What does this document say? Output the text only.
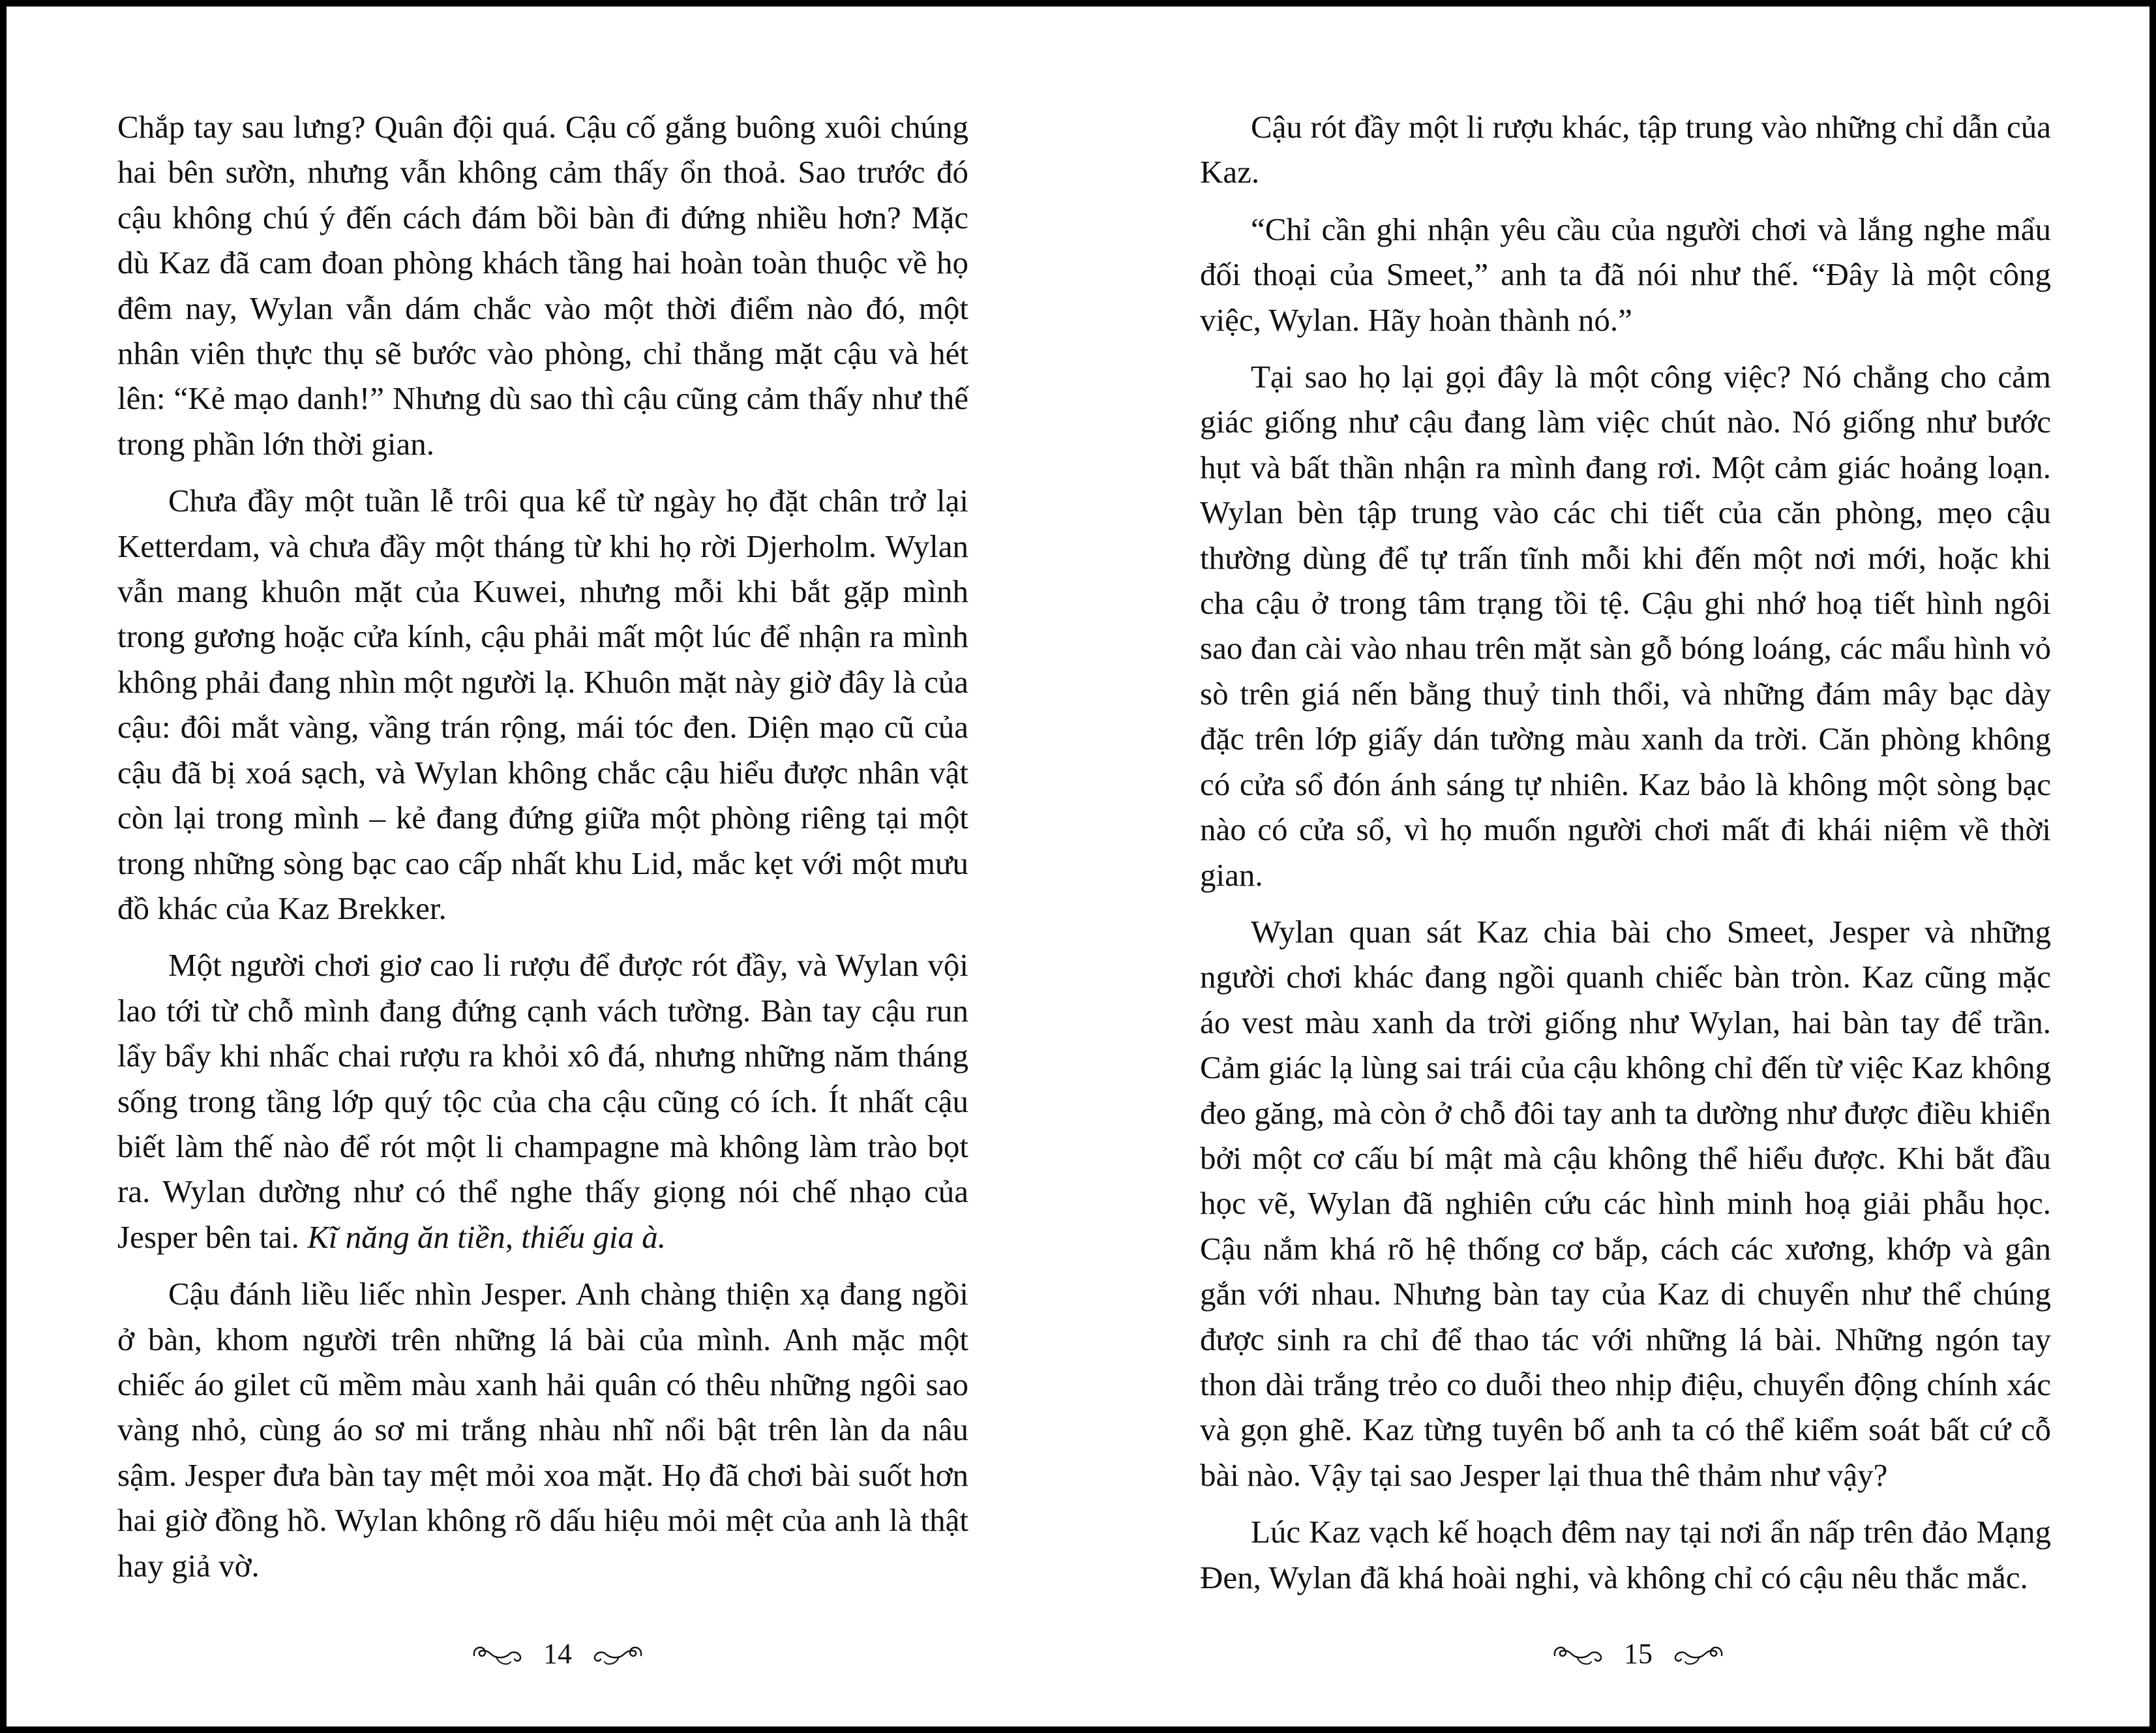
Chắp tay sau lưng? Quân đội quá. Cậu cố gắng buông xuôi chúng hai bên sườn, nhưng vẫn không cảm thấy ổn thoả. Sao trước đó cậu không chú ý đến cách đám bồi bàn đi đứng nhiều hơn? Mặc dù Kaz đã cam đoan phòng khách tầng hai hoàn toàn thuộc về họ đêm nay, Wylan vẫn dám chắc vào một thời điểm nào đó, một nhân viên thực thụ sẽ bước vào phòng, chỉ thẳng mặt cậu và hét lên: “Kẻ mạo danh!” Nhưng dù sao thì cậu cũng cảm thấy như thế trong phần lớn thời gian.

Chưa đầy một tuần lễ trôi qua kể từ ngày họ đặt chân trở lại Ketterdam, và chưa đầy một tháng từ khi họ rời Djerholm. Wylan vẫn mang khuôn mặt của Kuwei, nhưng mỗi khi bắt gặp mình trong gương hoặc cửa kính, cậu phải mất một lúc để nhận ra mình không phải đang nhìn một người lạ. Khuôn mặt này giờ đây là của cậu: đôi mắt vàng, vầng trán rộng, mái tóc đen. Diện mạo cũ của cậu đã bị xoá sạch, và Wylan không chắc cậu hiểu được nhân vật còn lại trong mình – kẻ đang đứng giữa một phòng riêng tại một trong những sòng bạc cao cấp nhất khu Lid, mắc kẹt với một mưu đồ khác của Kaz Brekker.

Một người chơi giơ cao li rượu để được rót đầy, và Wylan vội lao tới từ chỗ mình đang đứng cạnh vách tường. Bàn tay cậu run lẩy bẩy khi nhấc chai rượu ra khỏi xô đá, nhưng những năm tháng sống trong tầng lớp quý tộc của cha cậu cũng có ích. Ít nhất cậu biết làm thế nào để rót một li champagne mà không làm trào bọt ra. Wylan dường như có thể nghe thấy giọng nói chế nhạo của Jesper bên tai. Kĩ năng ăn tiền, thiếu gia à.

Cậu đánh liều liếc nhìn Jesper. Anh chàng thiện xạ đang ngồi ở bàn, khom người trên những lá bài của mình. Anh mặc một chiếc áo gilet cũ mềm màu xanh hải quân có thêu những ngôi sao vàng nhỏ, cùng áo sơ mi trắng nhàu nhĩ nổi bật trên làn da nâu sậm. Jesper đưa bàn tay mệt mỏi xoa mặt. Họ đã chơi bài suốt hơn hai giờ đồng hồ. Wylan không rõ dấu hiệu mỏi mệt của anh là thật hay giả vờ.

14

Cậu rót đầy một li rượu khác, tập trung vào những chỉ dẫn của Kaz.

“Chỉ cần ghi nhận yêu cầu của người chơi và lắng nghe mẩu đối thoại của Smeet,” anh ta đã nói như thế. “Đây là một công việc, Wylan. Hãy hoàn thành nó.”

Tại sao họ lại gọi đây là một công việc? Nó chẳng cho cảm giác giống như cậu đang làm việc chút nào. Nó giống như bước hụt và bất thần nhận ra mình đang rơi. Một cảm giác hoảng loạn. Wylan bèn tập trung vào các chi tiết của căn phòng, mẹo cậu thường dùng để tự trấn tĩnh mỗi khi đến một nơi mới, hoặc khi cha cậu ở trong tâm trạng tồi tệ. Cậu ghi nhớ hoạ tiết hình ngôi sao đan cài vào nhau trên mặt sàn gỗ bóng loáng, các mẩu hình vỏ sò trên giá nến bằng thuỷ tinh thổi, và những đám mây bạc dày đặc trên lớp giấy dán tường màu xanh da trời. Căn phòng không có cửa sổ đón ánh sáng tự nhiên. Kaz bảo là không một sòng bạc nào có cửa sổ, vì họ muốn người chơi mất đi khái niệm về thời gian.

Wylan quan sát Kaz chia bài cho Smeet, Jesper và những người chơi khác đang ngồi quanh chiếc bàn tròn. Kaz cũng mặc áo vest màu xanh da trời giống như Wylan, hai bàn tay để trần. Cảm giác lạ lùng sai trái của cậu không chỉ đến từ việc Kaz không đeo găng, mà còn ở chỗ đôi tay anh ta dường như được điều khiển bởi một cơ cấu bí mật mà cậu không thể hiểu được. Khi bắt đầu học vẽ, Wylan đã nghiên cứu các hình minh hoạ giải phẫu học. Cậu nắm khá rõ hệ thống cơ bắp, cách các xương, khớp và gân gắn với nhau. Nhưng bàn tay của Kaz di chuyển như thể chúng được sinh ra chỉ để thao tác với những lá bài. Những ngón tay thon dài trắng trẻo co duỗi theo nhịp điệu, chuyển động chính xác và gọn ghẽ. Kaz từng tuyên bố anh ta có thể kiểm soát bất cứ cỗ bài nào. Vậy tại sao Jesper lại thua thê thảm như vậy?

Lúc Kaz vạch kế hoạch đêm nay tại nơi ẩn nấp trên đảo Mạng Đen, Wylan đã khá hoài nghi, và không chỉ có cậu nêu thắc mắc.

15
